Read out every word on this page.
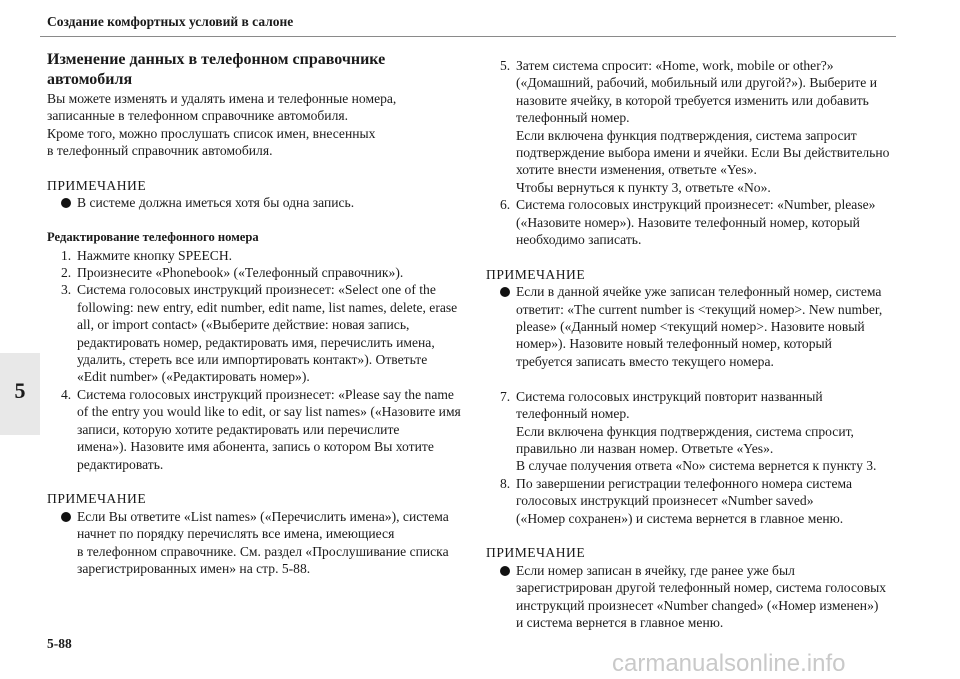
Создание комфортных условий в салоне
5

Изменение данных в телефонном справочнике автомобиля

Вы можете изменять и удалять имена и телефонные номера,

записанные в телефонном справочнике автомобиля.

Кроме того, можно прослушать список имен, внесенных

в телефонный справочник автомобиля.

ПРИМЕЧАНИЕ

В системе должна иметься хотя бы одна запись.

Редактирование телефонного номера

1. Нажмите кнопку SPEECH.

2. Произнесите «Phonebook» («Телефонный справочник»).

3. Система голосовых инструкций произнесет: «Select one of the

following: new entry, edit number, edit name, list names, delete, erase

all, or import contact» («Выберите действие: новая запись,

редактировать номер, редактировать имя, перечислить имена,

удалить, стереть все или импортировать контакт»). Ответьте

«Edit number» («Редактировать номер»).

4. Система голосовых инструкций произнесет: «Please say the name

of the entry you would like to edit, or say list names» («Назовите имя

записи, которую хотите редактировать или перечислите

имена»). Назовите имя абонента, запись о котором Вы хотите

редактировать.

ПРИМЕЧАНИЕ

Если Вы ответите «List names» («Перечислить имена»), система

начнет по порядку перечислять все имена, имеющиеся

в телефонном справочнике. См. раздел «Прослушивание списка

зарегистрированных имен» на стр. 5-88.

5. Затем система спросит: «Home, work, mobile or other?»

(«Домашний, рабочий, мобильный или другой?»). Выберите и

назовите ячейку, в которой требуется изменить или добавить

телефонный номер.

Если включена функция подтверждения, система запросит

подтверждение выбора имени и ячейки. Если Вы действительно

хотите внести изменения, ответьте «Yes».

Чтобы вернуться к пункту 3, ответьте «No».

6. Система голосовых инструкций произнесет: «Number, please»

(«Назовите номер»). Назовите телефонный номер, который

необходимо записать.

ПРИМЕЧАНИЕ

Если в данной ячейке уже записан телефонный номер, система

ответит: «The current number is <текущий номер>. New number,

please» («Данный номер <текущий номер>. Назовите новый

номер»). Назовите новый телефонный номер, который

требуется записать вместо текущего номера.

7. Система голосовых инструкций повторит названный

телефонный номер.

Если включена функция подтверждения, система спросит,

правильно ли назван номер. Ответьте «Yes».

В случае получения ответа «No» система вернется к пункту 3.

8. По завершении регистрации телефонного номера система

голосовых инструкций произнесет «Number saved»

(«Номер сохранен») и система вернется в главное меню.

ПРИМЕЧАНИЕ

Если номер записан в ячейку, где ранее уже был

зарегистрирован другой телефонный номер, система голосовых

инструкций произнесет «Number changed» («Номер изменен»)

и система вернется в главное меню.

5-88
carmanualsonline.info
